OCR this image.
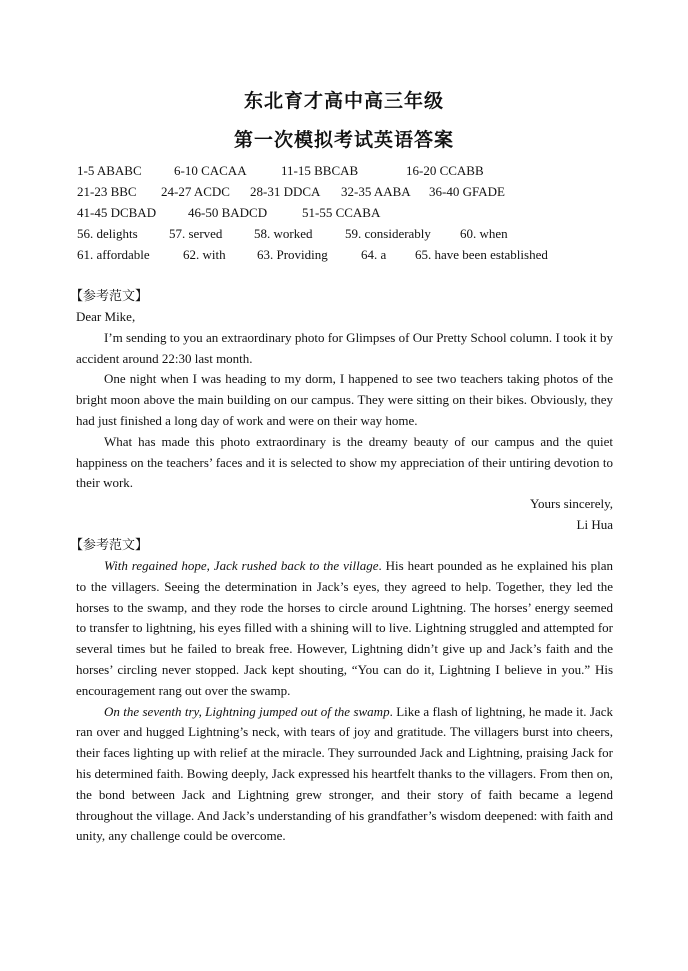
东北育才高中高三年级
第一次模拟考试英语答案
1-5 ABABC 6-10 CACAA	11-15 BBCAB	16-20 CCABB
21-23 BBC 24-27 ACDC 28-31 DDCA 32-35 AABA 36-40 GFADE
41-45 DCBAD 46-50 BADCD	51-55 CCABA
56. delights 57. served 58. worked	59. considerably 60. when
61. affordable	62. with 63. Providing	64. a 65. have been established
【参考范文】

Dear Mike,

I’m sending to you an extraordinary photo for Glimpses of Our Pretty School column. I took it by accident around 22:30 last month.

One night when I was heading to my dorm, I happened to see two teachers taking photos of the bright moon above the main building on our campus. They were sitting on their bikes. Obviously, they had just finished a long day of work and were on their way home.

What has made this photo extraordinary is the dreamy beauty of our campus and the quiet happiness on the teachers’ faces and it is selected to show my appreciation of their untiring devotion to their work.

Yours sincerely,

Li Hua

【参考范文】

With regained hope, Jack rushed back to the village. His heart pounded as he explained his plan to the villagers. Seeing the determination in Jack’s eyes, they agreed to help. Together, they led the horses to the swamp, and they rode the horses to circle around Lightning. The horses’ energy seemed to transfer to lightning, his eyes filled with a shining will to live. Lightning struggled and attempted for several times but he failed to break free. However, Lightning didn’t give up and Jack’s faith and the horses’ circling never stopped. Jack kept shouting, “You can do it, Lightning I believe in you.” His encouragement rang out over the swamp.

On the seventh try, Lightning jumped out of the swamp. Like a flash of lightning, he made it. Jack ran over and hugged Lightning’s neck, with tears of joy and gratitude. The villagers burst into cheers, their faces lighting up with relief at the miracle. They surrounded Jack and Lightning, praising Jack for his determined faith. Bowing deeply, Jack expressed his heartfelt thanks to the villagers. From then on, the bond between Jack and Lightning grew stronger, and their story of faith became a legend throughout the village. And Jack’s understanding of his grandfather’s wisdom deepened: with faith and unity, any challenge could be overcome.
